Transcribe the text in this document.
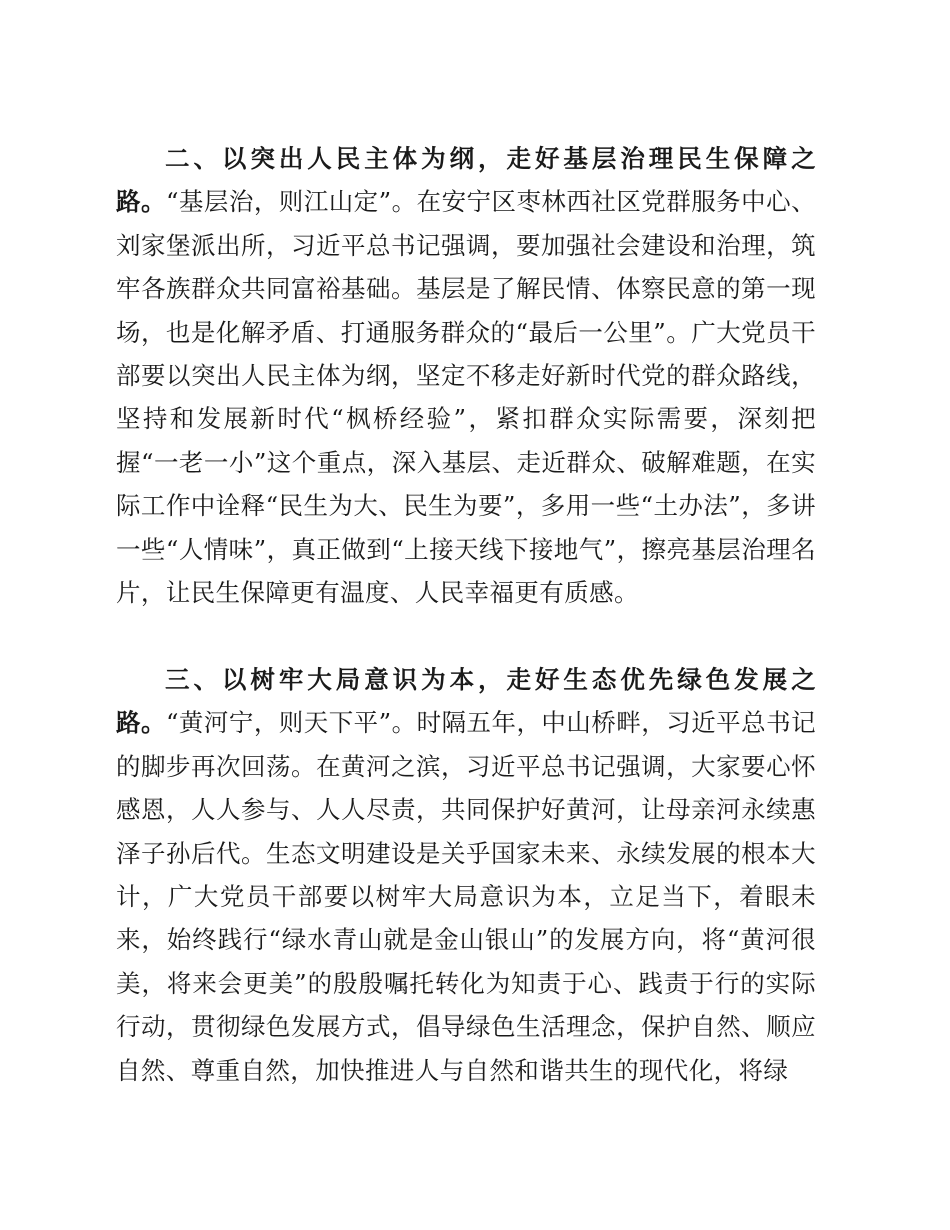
二、以突出人民主体为纲，走好基层治理民生保障之路。“基层治，则江山定”。在安宁区枣林西社区党群服务中心、刘家堡派出所，习近平总书记强调，要加强社会建设和治理，筑牢各族群众共同富裕基础。基层是了解民情、体察民意的第一现场，也是化解矛盾、打通服务群众的“最后一公里”。广大党员干部要以突出人民主体为纲，坚定不移走好新时代党的群众路线，坚持和发展新时代“枫桥经验”，紧扣群众实际需要，深刻把握“一老一小”这个重点，深入基层、走近群众、破解难题，在实际工作中诠释“民生为大、民生为要”，多用一些“土办法”，多讲一些“人情味”，真正做到“上接天线下接地气”，擦亮基层治理名片，让民生保障更有温度、人民幸福更有质感。

三、以树牢大局意识为本，走好生态优先绿色发展之路。“黄河宁，则天下平”。时隔五年，中山桥畔，习近平总书记的脚步再次回荡。在黄河之滨，习近平总书记强调，大家要心怀感恩，人人参与、人人尽责，共同保护好黄河，让母亲河永续惠泽子孙后代。生态文明建设是关乎国家未来、永续发展的根本大计，广大党员干部要以树牢大局意识为本，立足当下，着眼未来，始终践行“绿水青山就是金山银山”的发展方向，将“黄河很美，将来会更美”的殷殷嘱托转化为知责于心、践责于行的实际行动，贯彻绿色发展方式，倡导绿色生活理念，保护自然、顺应自然、尊重自然，加快推进人与自然和谐共生的现代化，将绿
